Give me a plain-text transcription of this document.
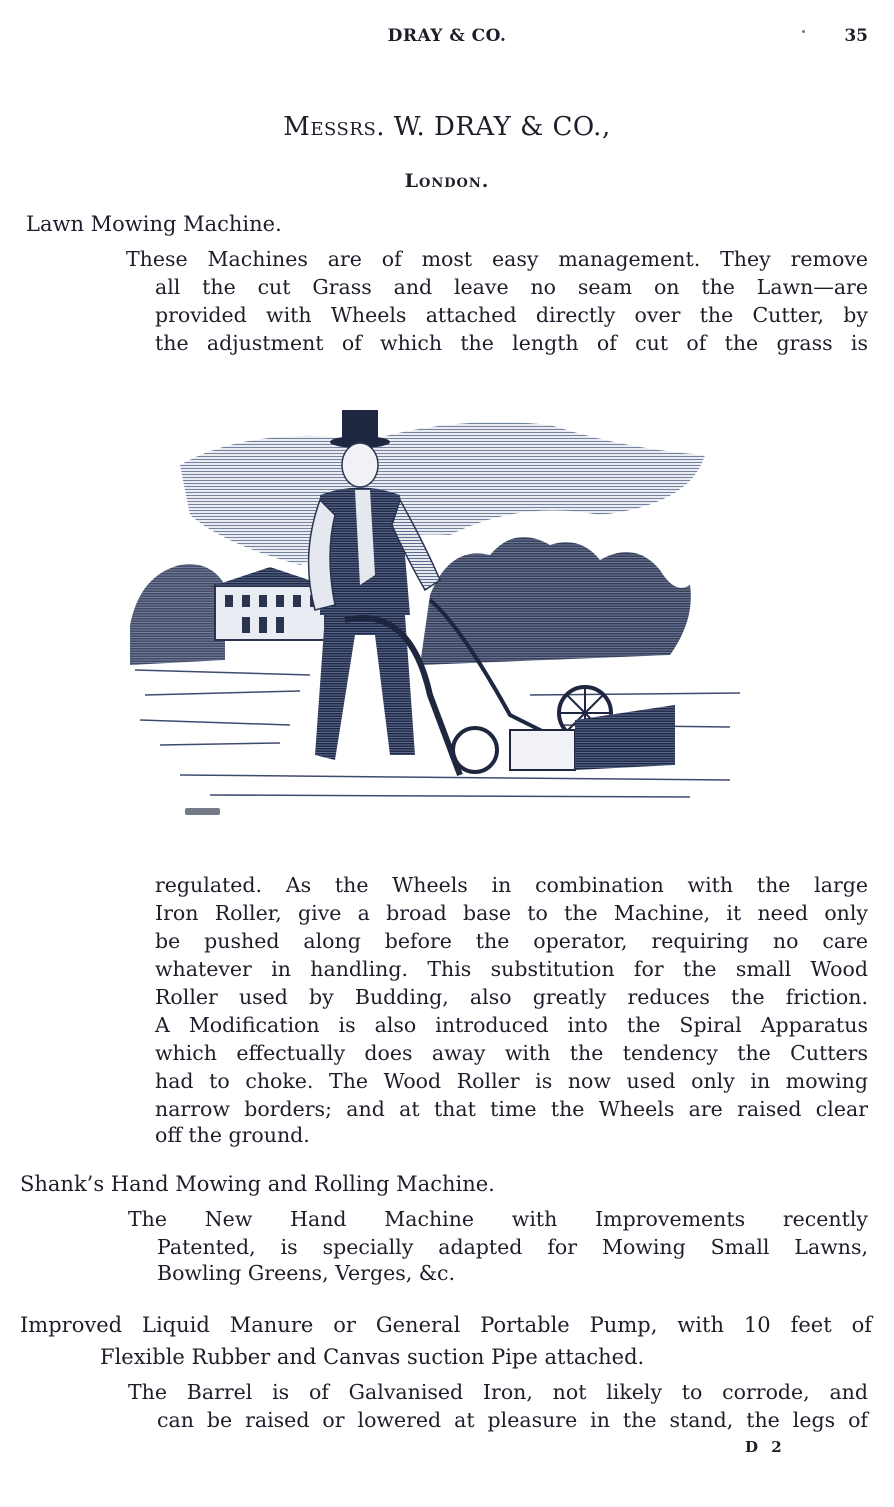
DRAY & CO.	35
Messrs. W. DRAY & CO.,
London.
Lawn Mowing Machine.
These Machines are of most easy management. They remove
all the cut Grass and leave no seam on the Lawn—are
provided with Wheels attached directly over the Cutter, by
the adjustment of which the length of cut of the grass is
regulated. As the Wheels in combination with the large
Iron Roller, give a broad base to the Machine, it need only
be pushed along before the operator, requiring no care
whatever in handling. This substitution for the small Wood
Roller used by Budding, also greatly reduces the friction.
A Modification is also introduced into the Spiral Apparatus
which effectually does away with the tendency the Cutters
had to choke. The Wood Roller is now used only in mowing
narrow borders; and at that time the Wheels are raised clear
off the ground.
Shank’s Hand Mowing and Rolling Machine.
The New Hand Machine with Improvements recently
Patented, is specially adapted for Mowing Small Lawns,
Bowling Greens, Verges, &c.
Improved Liquid Manure or General Portable Pump, with 10 feet of
Flexible Rubber and Canvas suction Pipe attached.
The Barrel is of Galvanised Iron, not likely to corrode, and
can be raised or lowered at pleasure in the stand, the legs of
D 2
